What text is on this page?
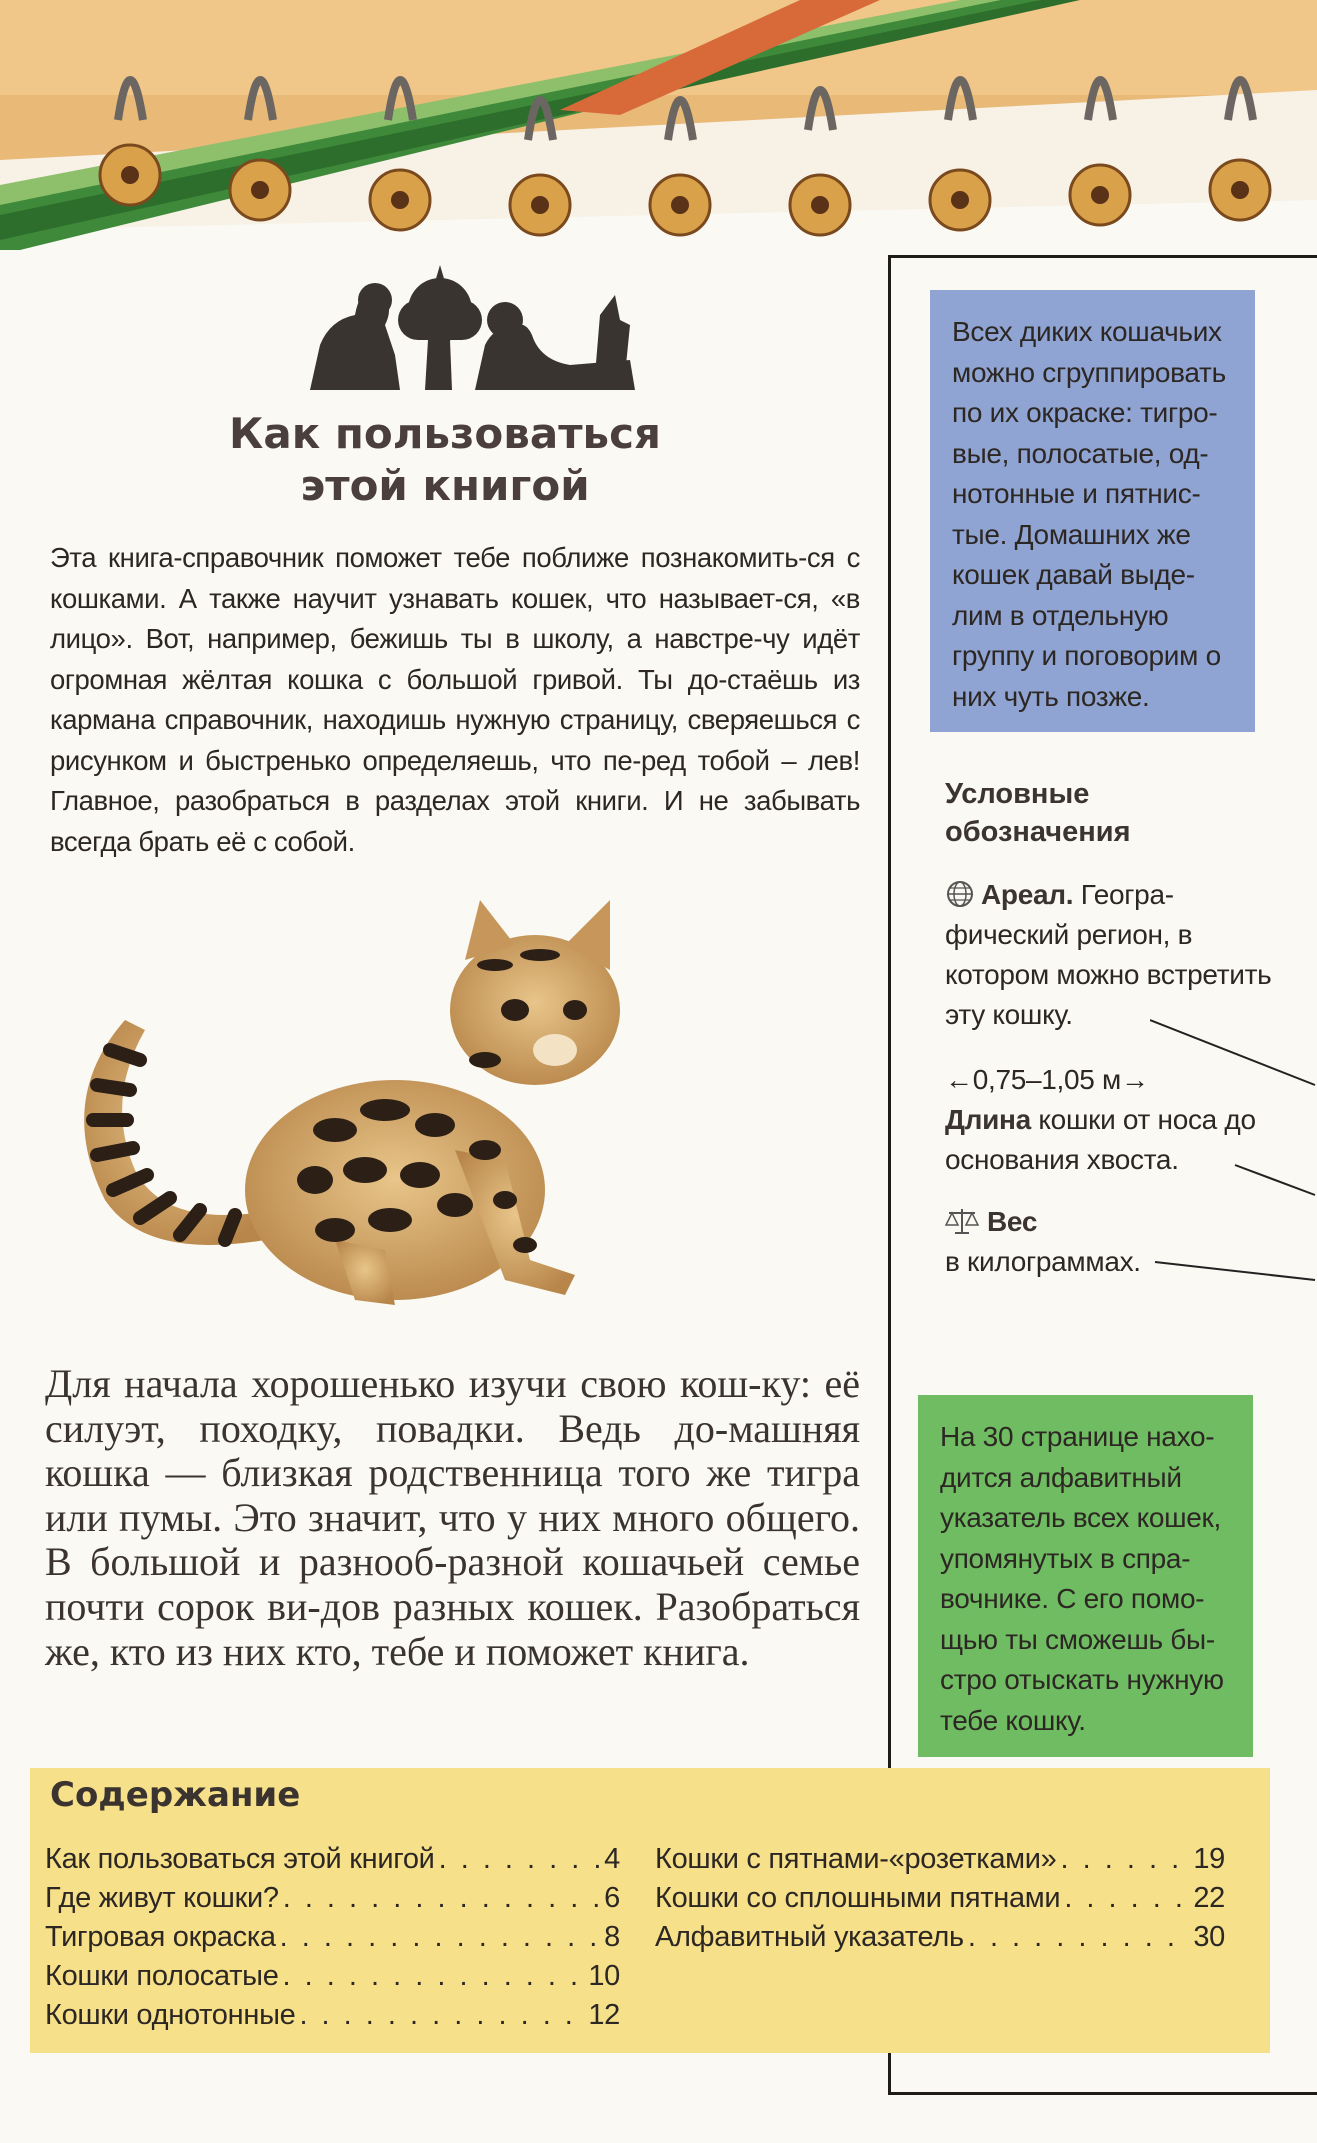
Как пользоваться
этой книгой
Эта книга-справочник поможет тебе поближе познакомить-ся с кошками. А также научит узнавать кошек, что называет-ся, «в лицо». Вот, например, бежишь ты в школу, а навстре-чу идёт огромная жёлтая кошка с большой гривой. Ты до-стаёшь из кармана справочник, находишь нужную страницу, сверяешься с рисунком и быстренько определяешь, что пе-ред тобой – лев! Главное, разобраться в разделах этой книги. И не забывать всегда брать её с собой.
Для начала хорошенько изучи свою кош-ку: её силуэт, походку, повадки. Ведь до-машняя кошка — близкая родственница того же тигра или пумы. Это значит, что у них много общего. В большой и разнооб-разной кошачьей семье почти сорок ви-дов разных кошек. Разобраться же, кто из них кто, тебе и поможет книга.
Всех диких кошачьих можно сгруппировать по их окраске: тигро-вые, полосатые, од-нотонные и пятнис-тые. Домашних же кошек давай выде-лим в отдельную группу и поговорим о них чуть позже.
Условные
обозначения
Ареал. Геогра-фический регион, в котором можно встретить эту кошку.
←0,75–1,05 м→
Длина кошки от носа до основания хвоста.
Вес
в килограммах.
На 30 странице нахо-дится алфавитный указатель всех кошек, упомянутых в спра-вочнике. С его помо-щью ты сможешь бы-стро отыскать нужную тебе кошку.
Содержание
Как пользоваться этой книгой . . .	4
Где живут кошки? . . .	6
Тигровая окраска . . .	8
Кошки полосатые . . .	10
Кошки однотонные . . .	12
Кошки с пятнами-«розетками» . . .	19
Кошки со сплошными пятнами . . .	22
Алфавитный указатель . . .	30
